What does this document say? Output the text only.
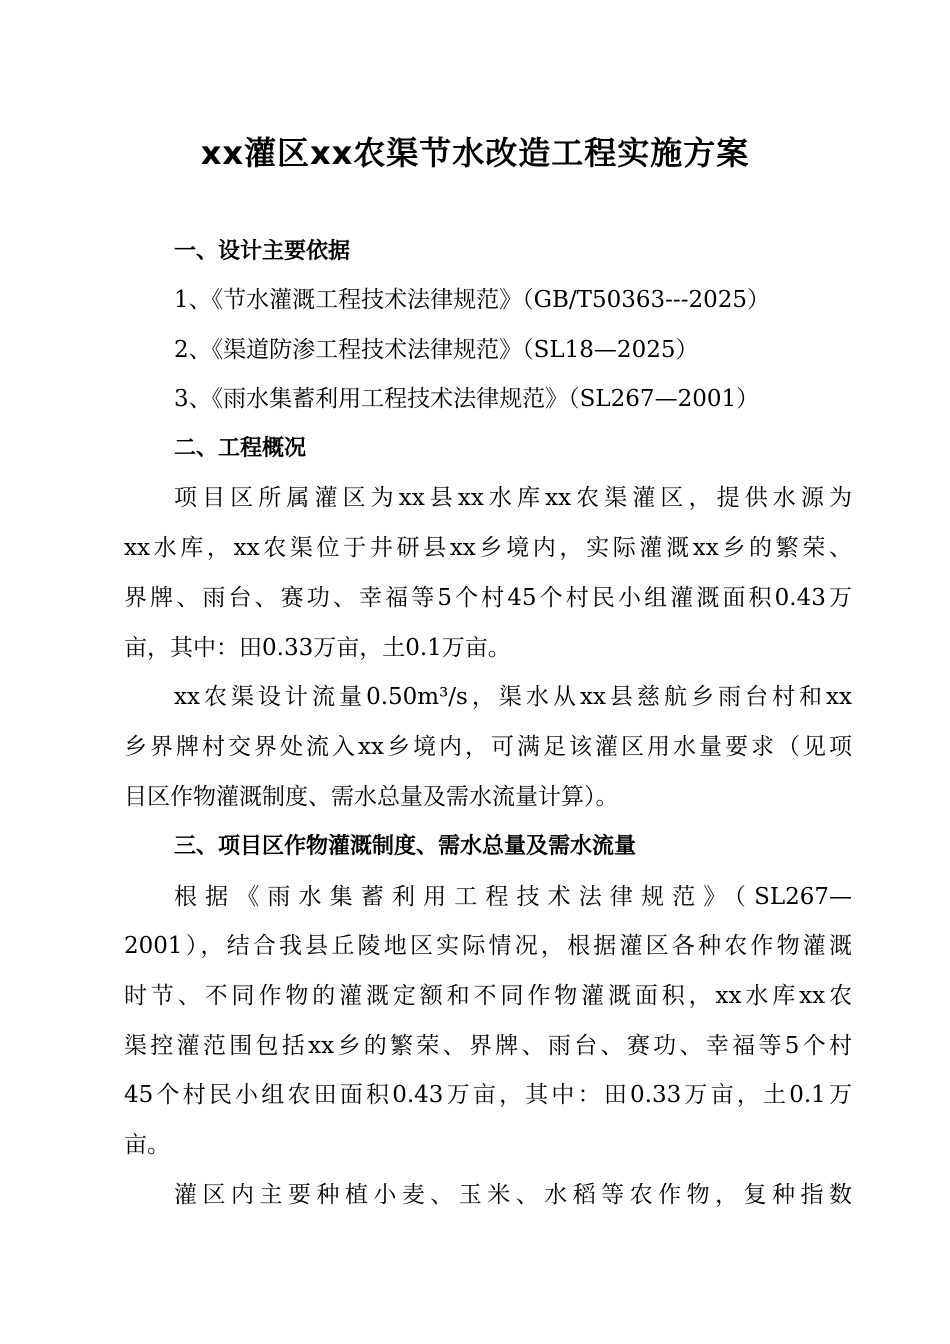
xx灌区xx农渠节水改造工程实施方案
一、设计主要依据
1、《节水灌溉工程技术法律规范》（GB/T50363---2025）
2、《渠道防渗工程技术法律规范》（SL18—2025）
3、《雨水集蓄利用工程技术法律规范》（SL267—2001）
二、工程概况
项目区所属灌区为xx县xx水库xx农渠灌区，提供水源为
xx水库，xx农渠位于井研县xx乡境内，实际灌溉xx乡的繁荣、
界牌、雨台、赛功、幸福等5个村45个村民小组灌溉面积0.43万
亩，其中：田0.33万亩，土0.1万亩。
xx农渠设计流量0.50m³/s，渠水从xx县慈航乡雨台村和xx
乡界牌村交界处流入xx乡境内，可满足该灌区用水量要求（见项
目区作物灌溉制度、需水总量及需水流量计算）。
三、项目区作物灌溉制度、需水总量及需水流量
根据《雨水集蓄利用工程技术法律规范》（SL267—
2001），结合我县丘陵地区实际情况，根据灌区各种农作物灌溉
时节、不同作物的灌溉定额和不同作物灌溉面积，xx水库xx农
渠控灌范围包括xx乡的繁荣、界牌、雨台、赛功、幸福等5个村
45个村民小组农田面积0.43万亩，其中：田0.33万亩，土0.1万
亩。
灌区内主要种植小麦、玉米、水稻等农作物，复种指数
